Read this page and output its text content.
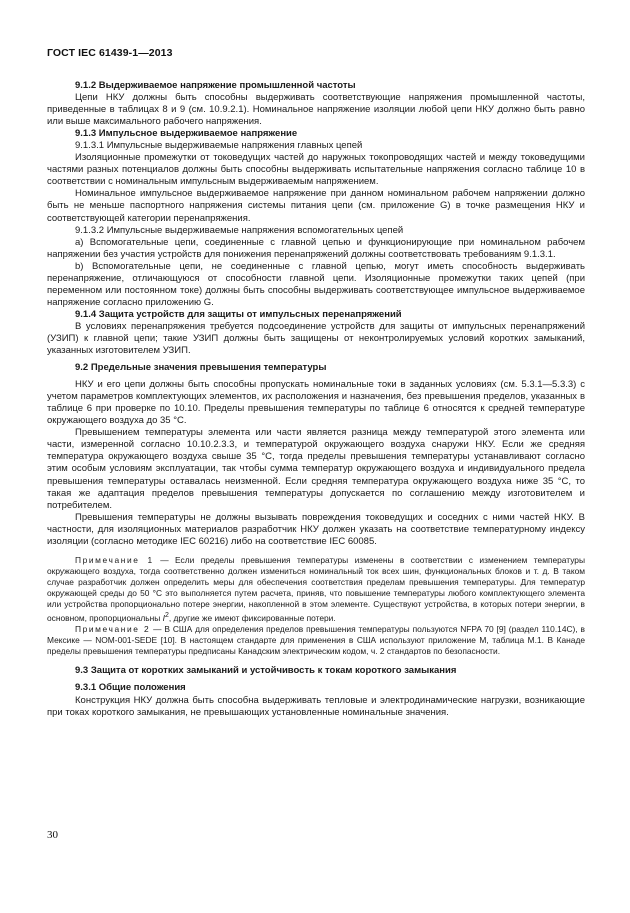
ГОСТ IEC 61439-1—2013

9.1.2 Выдерживаемое напряжение промышленной частоты

Цепи НКУ должны быть способны выдерживать соответствующие напряжения промышленной частоты, приведенные в таблицах 8 и 9 (см. 10.9.2.1). Номинальное напряжение изоляции любой цепи НКУ должно быть равно или выше максимального рабочего напряжения.

9.1.3 Импульсное выдерживаемое напряжение

9.1.3.1 Импульсные выдерживаемые напряжения главных цепей

Изоляционные промежутки от токоведущих частей до наружных токопроводящих частей и между токоведущими частями разных потенциалов должны быть способны выдерживать испытательные напряжения согласно таблице 10 в соответствии с номинальным импульсным выдерживаемым напряжением.

Номинальное импульсное выдерживаемое напряжение при данном номинальном рабочем напряжении должно быть не меньше паспортного напряжения системы питания цепи (см. приложение G) в точке размещения НКУ и соответствующей категории перенапряжения.

9.1.3.2 Импульсные выдерживаемые напряжения вспомогательных цепей

a) Вспомогательные цепи, соединенные с главной цепью и функционирующие при номинальном рабочем напряжении без участия устройств для понижения перенапряжений должны соответствовать требованиям 9.1.3.1.

b) Вспомогательные цепи, не соединенные с главной цепью, могут иметь способность выдерживать перенапряжение, отличающуюся от способности главной цепи. Изоляционные промежутки таких цепей (при переменном или постоянном токе) должны быть способны выдерживать соответствующее импульсное выдерживаемое напряжение согласно приложению G.

9.1.4 Защита устройств для защиты от импульсных перенапряжений

В условиях перенапряжения требуется подсоединение устройств для защиты от импульсных перенапряжений (УЗИП) к главной цепи; такие УЗИП должны быть защищены от неконтролируемых условий коротких замыканий, указанных изготовителем УЗИП.

9.2 Предельные значения превышения температуры

НКУ и его цепи должны быть способны пропускать номинальные токи в заданных условиях (см. 5.3.1—5.3.3) с учетом параметров комплектующих элементов, их расположения и назначения, без превышения пределов, указанных в таблице 6 при проверке по 10.10. Пределы превышения температуры по таблице 6 относятся к средней температуре окружающего воздуха до 35 °С.

Превышением температуры элемента или части является разница между температурой этого элемента или части, измеренной согласно 10.10.2.3.3, и температурой окружающего воздуха снаружи НКУ. Если же средняя температура окружающего воздуха свыше 35 °С, тогда пределы превышения температуры устанавливают согласно этим особым условиям эксплуатации, так чтобы сумма температур окружающего воздуха и индивидуального предела превышения температуры оставалась неизменной. Если средняя температура окружающего воздуха ниже 35 °С, то такая же адаптация пределов превышения температуры допускается по соглашению между изготовителем и потребителем.

Превышения температуры не должны вызывать повреждения токоведущих и соседних с ними частей НКУ. В частности, для изоляционных материалов разработчик НКУ должен указать на соответствие температурному индексу изоляции (согласно методике IEC 60216) либо на соответствие IEC 60085.

Примечание 1 — Если пределы превышения температуры изменены в соответствии с изменением температуры окружающего воздуха, тогда соответственно должен измениться номинальный ток всех шин, функциональных блоков и т. д. В таком случае разработчик должен определить меры для обеспечения соответствия пределам превышения температуры. Для температур окружающей среды до 50 °С это выполняется путем расчета, приняв, что повышение температуры любого комплектующего элемента или устройства пропорционально потере энергии, накопленной в этом элементе. Существуют устройства, в которых потери энергии, в основном, пропорциональны $I^2$, другие же имеют фиксированные потери.

Примечание 2 — В США для определения пределов превышения температуры пользуются NFPA 70 [9] (раздел 110.14C), в Мексике — NOM-001-SEDE [10]. В настоящем стандарте для применения в США используют приложение M, таблица M.1. В Канаде пределы превышения температуры предписаны Канадским электрическим кодом, ч. 2 стандартов по безопасности.

9.3 Защита от коротких замыканий и устойчивость к токам короткого замыкания

9.3.1 Общие положения

Конструкция НКУ должна быть способна выдерживать тепловые и электродинамические нагрузки, возникающие при токах короткого замыкания, не превышающих установленные номинальные значения.

30
